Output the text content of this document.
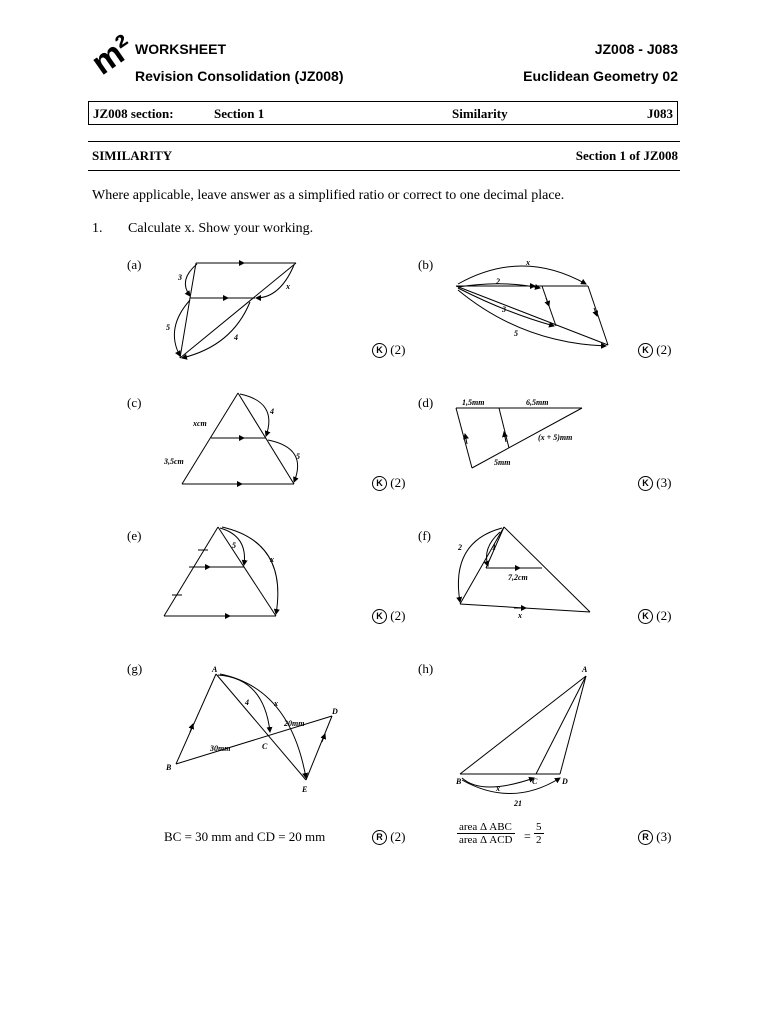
m²
WORKSHEET
Revision Consolidation (JZ008)
JZ008 - J083
Euclidean Geometry 02
JZ008 section:	Section 1	Similarity	J083
SIMILARITY	Section 1 of JZ008
Where applicable, leave answer as a simplified ratio or correct to one decimal place.
1. Calculate x. Show your working.
(a)	(b)
(c)	(d)
(e)	(f)
(g)	(h)
K (2)	K (2)
K (2)	K (3)
K (2)	K (2)
R (2)	R (3)
3
5
4
x
x
2
3
5
xcm
4
3,5cm
5
1,5mm	6,5mm
(x + 5)mm
5mm
5
x
2	1
7,2cm
x
A
B
C
D
E
4	x
20mm
30mm
BC = 30 mm and CD = 20 mm
A
B	C	D
x
21
area Δ ABC
area Δ ACD = $\frac{5}{2}$
